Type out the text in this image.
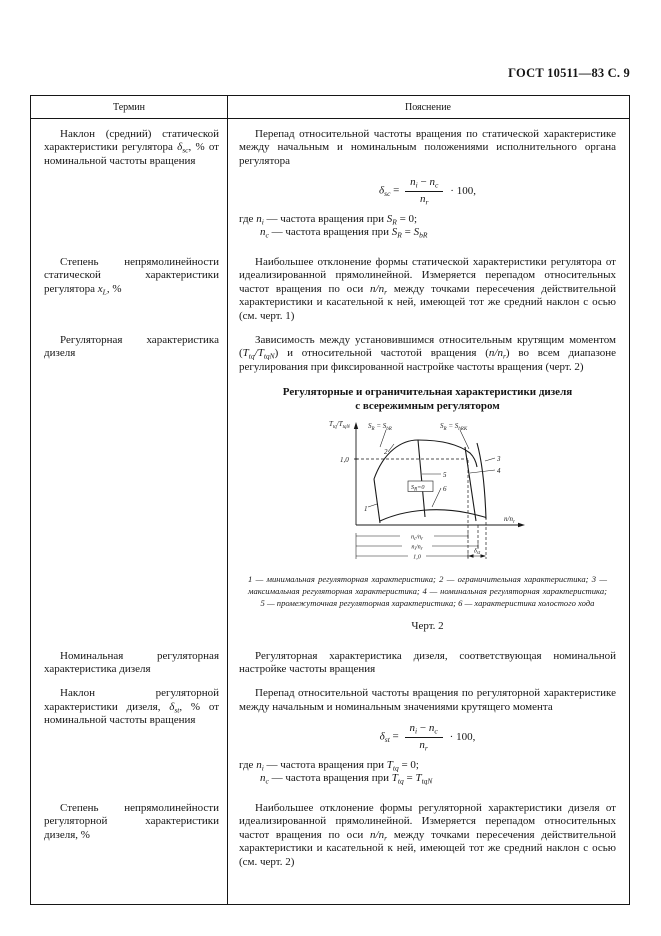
ГОСТ 10511—83 С. 9
Термин	Пояснение

Наклон (средний) статической характеристики регулятора $\delta_{sc}$, % от номинальной частоты вращения

Перепад относительной частоты вращения по статической характеристике между начальным и номинальным положениями исполнительного органа регулятора

$\delta_{sc} = \frac{n_i - n_c}{n_r} \cdot 100$,
где $n_i$ — частота вращения при $S_R = 0$;
$n_c$ — частота вращения при $S_R = S_{bR}$

Степень непрямолинейности статической характеристики регулятора $x_L$, %

Наибольшее отклонение формы статической характеристики регулятора от идеализированной прямолинейной. Измеряется перепадом относительных частот вращения по оси $n/n_r$ между точками пересечения действительной характеристики и касательной к ней, имеющей тот же средний наклон с осью (см. черт. 1)

Регуляторная характеристика дизеля

Зависимость между установившимся относительным крутящим моментом $(T_{tq}/T_{tqN})$ и относительной частотой вращения $(n/n_r)$ во всем диапазоне регулирования при фиксированной настройке частоты вращения (черт. 2)

Регуляторные и ограничительная характеристики дизеля
с всережимным регулятором
$T_{tq}/T_{tqN}$
1,0
$S_R = S_{bR}$	$S_R = S_{hRK}$
$S_R=0$
1
2
3
4
5
6
$n/n_r$
$n_c/n_r$
$n_i/n_r$
1,0
$\delta_{st}$

1 — минимальная регуляторная характеристика; 2 — ограничительная характеристика; 3 — максимальная регуляторная характеристика; 4 — номинальная регуляторная характеристика; 5 — промежуточная регуляторная характеристика; 6 — характеристика холостого хода

Черт. 2

Номинальная регуляторная характеристика дизеля

Регуляторная характеристика дизеля, соответствующая номинальной настройке частоты вращения

Наклон регуляторной характеристики дизеля, $\delta_{st}$, % от номинальной частоты вращения

Перепад относительной частоты вращения по регуляторной характеристике между начальным и номинальным значениями крутящего момента

$\delta_{st} = \frac{n_i - n_c}{n_r} \cdot 100$,
где $n_i$ — частота вращения при $T_{tq} = 0$;
$n_c$ — частота вращения при $T_{tq} = T_{tqN}$

Степень непрямолинейности регуляторной характеристики дизеля, %

Наибольшее отклонение формы регуляторной характеристики дизеля от идеализированной прямолинейной. Измеряется перепадом относительных частот вращения по оси $n/n_r$ между точками пересечения действительной характеристики и касательной к ней, имеющей тот же средний наклон с осью (см. черт. 2)
